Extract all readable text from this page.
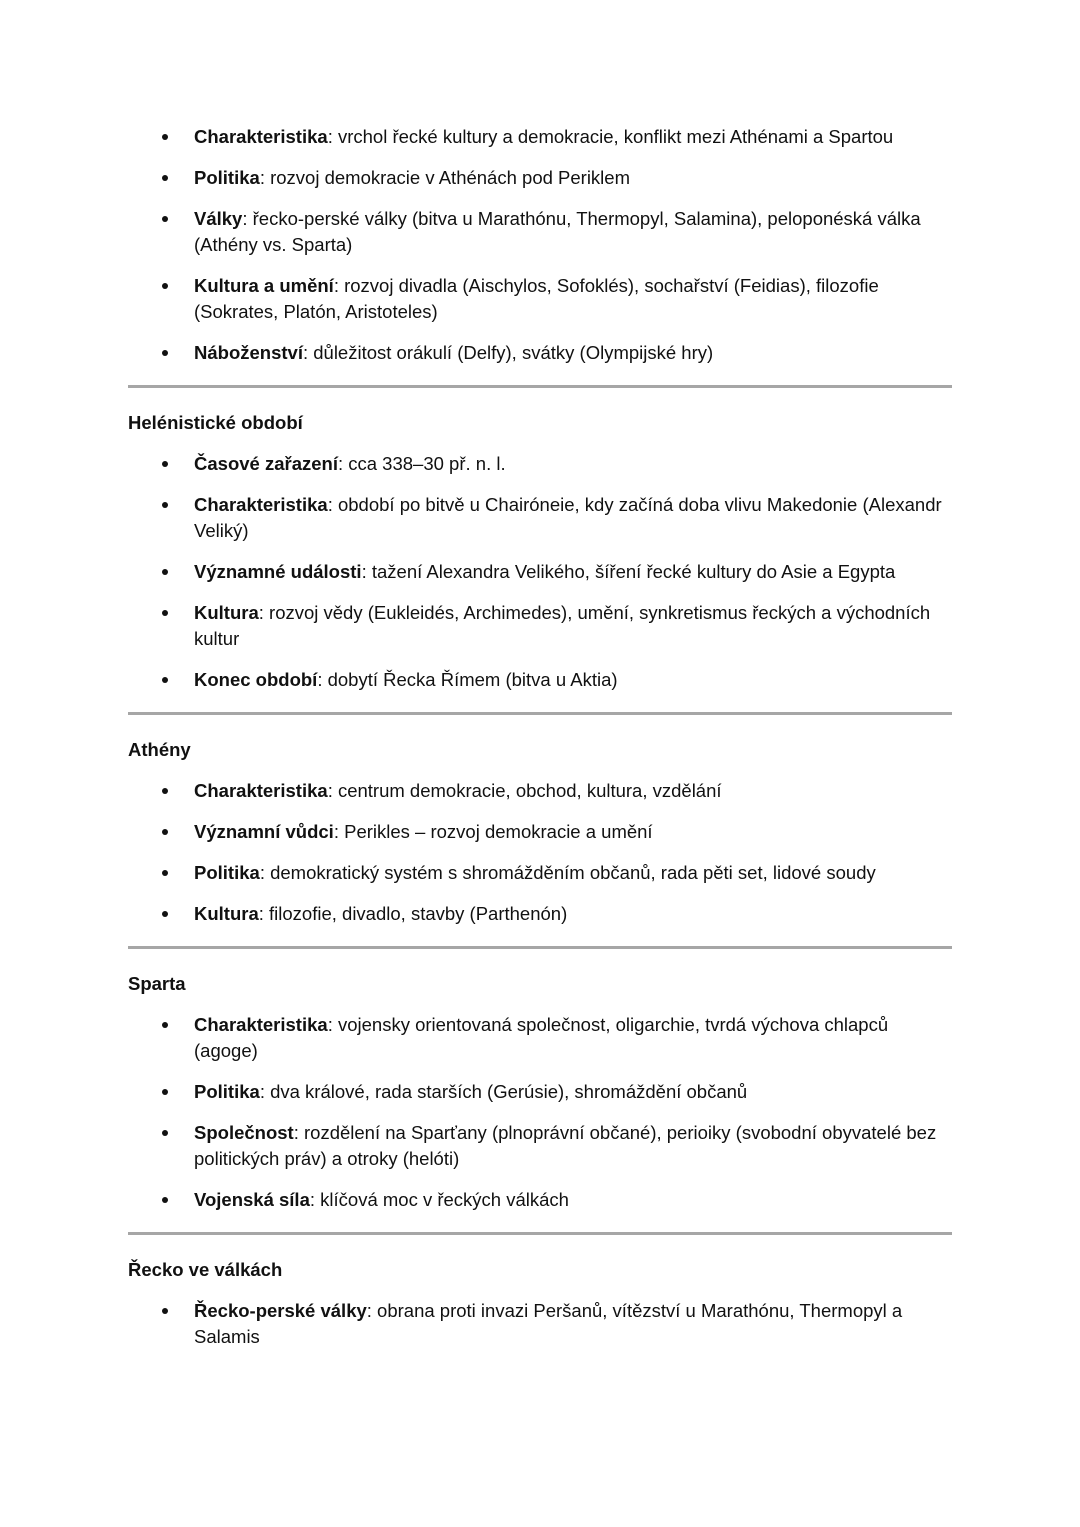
Charakteristika: vrchol řecké kultury a demokracie, konflikt mezi Athénami a Spartou
Politika: rozvoj demokracie v Athénách pod Periklem
Války: řecko-perské války (bitva u Marathónu, Thermopyl, Salamina), peloponéská válka (Athény vs. Sparta)
Kultura a umění: rozvoj divadla (Aischylos, Sofoklés), sochařství (Feidias), filozofie (Sokrates, Platón, Aristoteles)
Náboženství: důležitost orákulí (Delfy), svátky (Olympijské hry)
Helénistické období
Časové zařazení: cca 338–30 př. n. l.
Charakteristika: období po bitvě u Chairóneie, kdy začíná doba vlivu Makedonie (Alexandr Veliký)
Významné události: tažení Alexandra Velikého, šíření řecké kultury do Asie a Egypta
Kultura: rozvoj vědy (Eukleidés, Archimedes), umění, synkretismus řeckých a východních kultur
Konec období: dobytí Řecka Římem (bitva u Aktia)
Athény
Charakteristika: centrum demokracie, obchod, kultura, vzdělání
Významní vůdci: Perikles – rozvoj demokracie a umění
Politika: demokratický systém s shromážděním občanů, rada pěti set, lidové soudy
Kultura: filozofie, divadlo, stavby (Parthenón)
Sparta
Charakteristika: vojensky orientovaná společnost, oligarchie, tvrdá výchova chlapců (agoge)
Politika: dva králové, rada starších (Gerúsie), shromáždění občanů
Společnost: rozdělení na Sparťany (plnoprávní občané), perioiky (svobodní obyvatelé bez politických práv) a otroky (helóti)
Vojenská síla: klíčová moc v řeckých válkách
Řecko ve válkách
Řecko-perské války: obrana proti invazi Peršanů, vítězství u Marathónu, Thermopyl a Salamis
